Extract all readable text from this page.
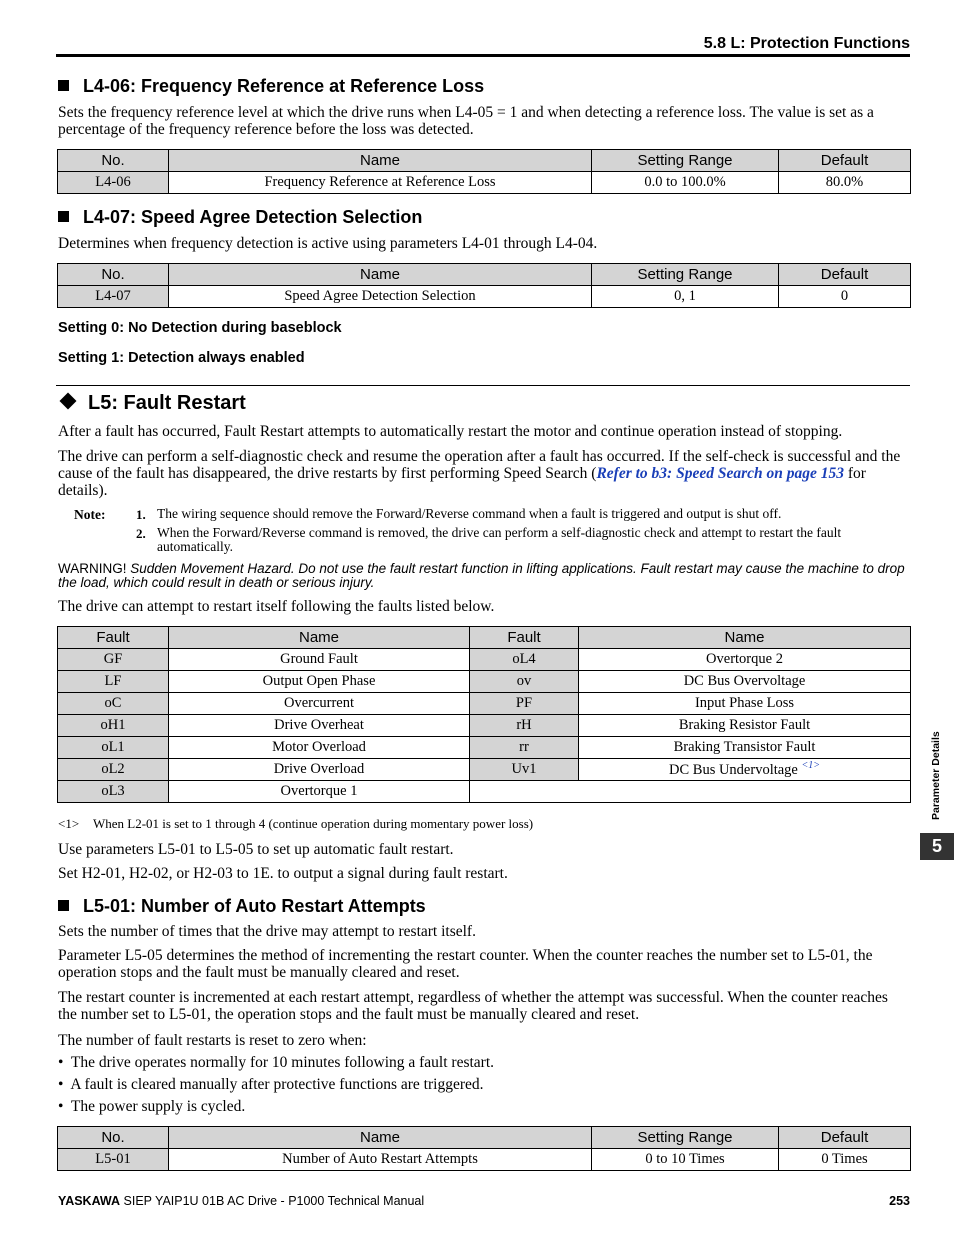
5.8 L: Protection Functions
L4-06: Frequency Reference at Reference Loss
Sets the frequency reference level at which the drive runs when L4-05 = 1 and when detecting a reference loss. The value is set as a percentage of the frequency reference before the loss was detected.
No.	Name	Setting Range	Default
L4-06	Frequency Reference at Reference Loss	0.0 to 100.0%	80.0%
L4-07: Speed Agree Detection Selection
Determines when frequency detection is active using parameters L4-01 through L4-04.
No.	Name	Setting Range	Default
L4-07	Speed Agree Detection Selection	0, 1	0
Setting 0: No Detection during baseblock
Setting 1: Detection always enabled
L5: Fault Restart
After a fault has occurred, Fault Restart attempts to automatically restart the motor and continue operation instead of stopping.
The drive can perform a self-diagnostic check and resume the operation after a fault has occurred. If the self-check is successful and the cause of the fault has disappeared, the drive restarts by first performing Speed Search (Refer to b3: Speed Search on page 153 for details).
Note: 1. The wiring sequence should remove the Forward/Reverse command when a fault is triggered and output is shut off.
2. When the Forward/Reverse command is removed, the drive can perform a self-diagnostic check and attempt to restart the fault automatically.
WARNING! Sudden Movement Hazard. Do not use the fault restart function in lifting applications. Fault restart may cause the machine to drop the load, which could result in death or serious injury.
The drive can attempt to restart itself following the faults listed below.
Fault	Name	Fault	Name
GF	Ground Fault	oL4	Overtorque 2
LF	Output Open Phase	ov	DC Bus Overvoltage
oC	Overcurrent	PF	Input Phase Loss
oH1	Drive Overheat	rH	Braking Resistor Fault
oL1	Motor Overload	rr	Braking Transistor Fault
oL2	Drive Overload	Uv1	DC Bus Undervoltage $^{<1>}$
oL3	Overtorque 1		
<1> When L2-01 is set to 1 through 4 (continue operation during momentary power loss)
Use parameters L5-01 to L5-05 to set up automatic fault restart.
Set H2-01, H2-02, or H2-03 to 1E. to output a signal during fault restart.
L5-01: Number of Auto Restart Attempts
Sets the number of times that the drive may attempt to restart itself.
Parameter L5-05 determines the method of incrementing the restart counter. When the counter reaches the number set to L5-01, the operation stops and the fault must be manually cleared and reset.
The restart counter is incremented at each restart attempt, regardless of whether the attempt was successful. When the counter reaches the number set to L5-01, the operation stops and the fault must be manually cleared and reset.
The number of fault restarts is reset to zero when:
•  The drive operates normally for 10 minutes following a fault restart.
•  A fault is cleared manually after protective functions are triggered.
•  The power supply is cycled.
No.	Name	Setting Range	Default
L5-01	Number of Auto Restart Attempts	0 to 10 Times	0 Times
Parameter Details
5
YASKAWA SIEP YAIP1U 01B AC Drive - P1000 Technical Manual	253
